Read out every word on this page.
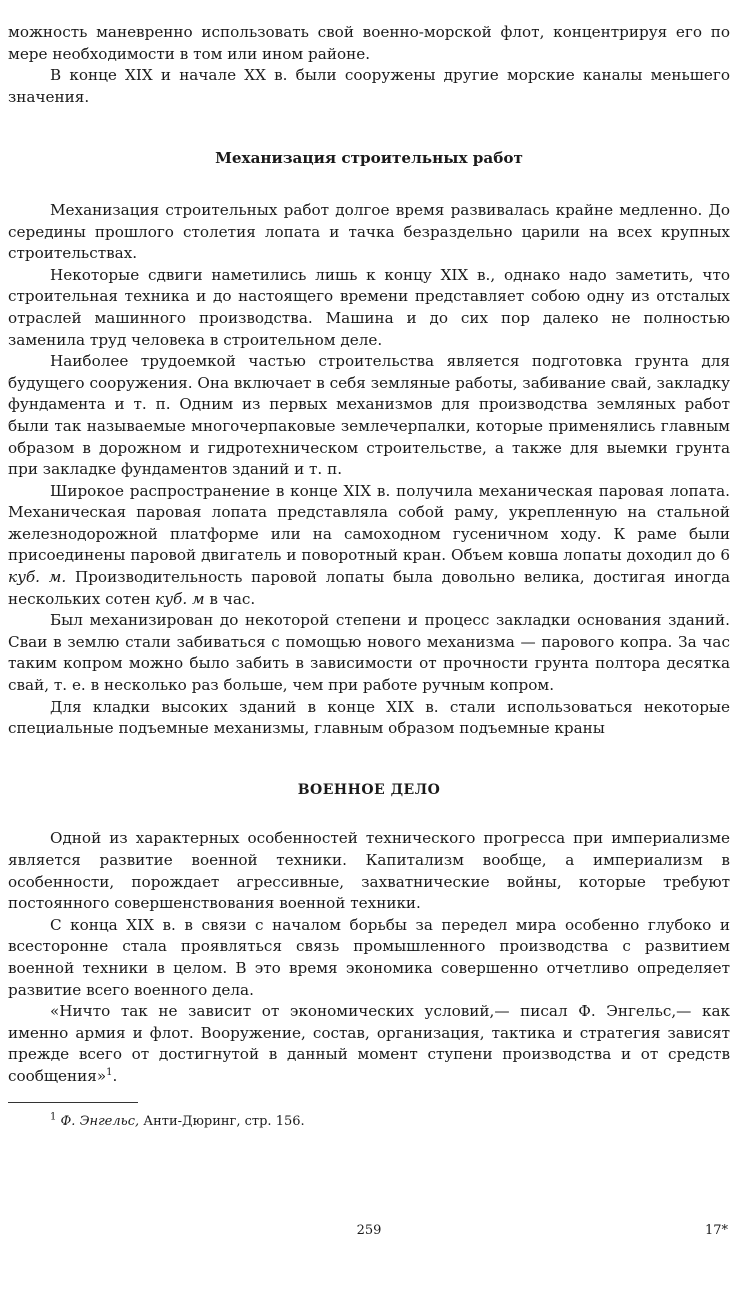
можность маневренно использовать свой военно-морской флот, концентрируя его по мере необходимости в том или ином районе.

В конце XIX и начале XX в. были сооружены другие морские каналы меньшего значения.

Механизация строительных работ

Механизация строительных работ долгое время развивалась крайне медленно. До середины прошлого столетия лопата и тачка безраздельно царили на всех крупных строительствах.

Некоторые сдвиги наметились лишь к концу XIX в., однако надо заметить, что строительная техника и до настоящего времени представляет собою одну из отсталых отраслей машинного производства. Машина и до сих пор далеко не полностью заменила труд человека в строительном деле.

Наиболее трудоемкой частью строительства является подготовка грунта для будущего сооружения. Она включает в себя земляные работы, забивание свай, закладку фундамента и т. п. Одним из первых механизмов для производства земляных работ были так называемые многочерпаковые землечерпалки, которые применялись главным образом в дорожном и гидротехническом строительстве, а также для выемки грунта при закладке фундаментов зданий и т. п.

Широкое распространение в конце XIX в. получила механическая паровая лопата. Механическая паровая лопата представляла собой раму, укрепленную на стальной железнодорожной платформе или на самоходном гусеничном ходу. К раме были присоединены паровой двигатель и поворотный кран. Объем ковша лопаты доходил до 6 куб. м. Производительность паровой лопаты была довольно велика, достигая иногда нескольких сотен куб. м в час.

Был механизирован до некоторой степени и процесс закладки основания зданий. Сваи в землю стали забиваться с помощью нового механизма — парового копра. За час таким копром можно было забить в зависимости от прочности грунта полтора десятка свай, т. е. в несколько раз больше, чем при работе ручным копром.

Для кладки высоких зданий в конце XIX в. стали использоваться некоторые специальные подъемные механизмы, главным образом подъемные краны

ВОЕННОЕ ДЕЛО

Одной из характерных особенностей технического прогресса при империализме является развитие военной техники. Капитализм вообще, а империализм в особенности, порождает агрессивные, захватнические войны, которые требуют постоянного совершенствования военной техники.

С конца XIX в. в связи с началом борьбы за передел мира особенно глубоко и всесторонне стала проявляться связь промышленного производства с развитием военной техники в целом. В это время экономика совершенно отчетливо определяет развитие всего военного дела.

«Ничто так не зависит от экономических условий,— писал Ф. Энгельс,— как именно армия и флот. Вооружение, состав, организация, тактика и стратегия зависят прежде всего от достигнутой в данный момент ступени производства и от средств сообщения»$^1$.

$^1$ Ф. Энгельс, Анти-Дюринг, стр. 156.

259	17*
